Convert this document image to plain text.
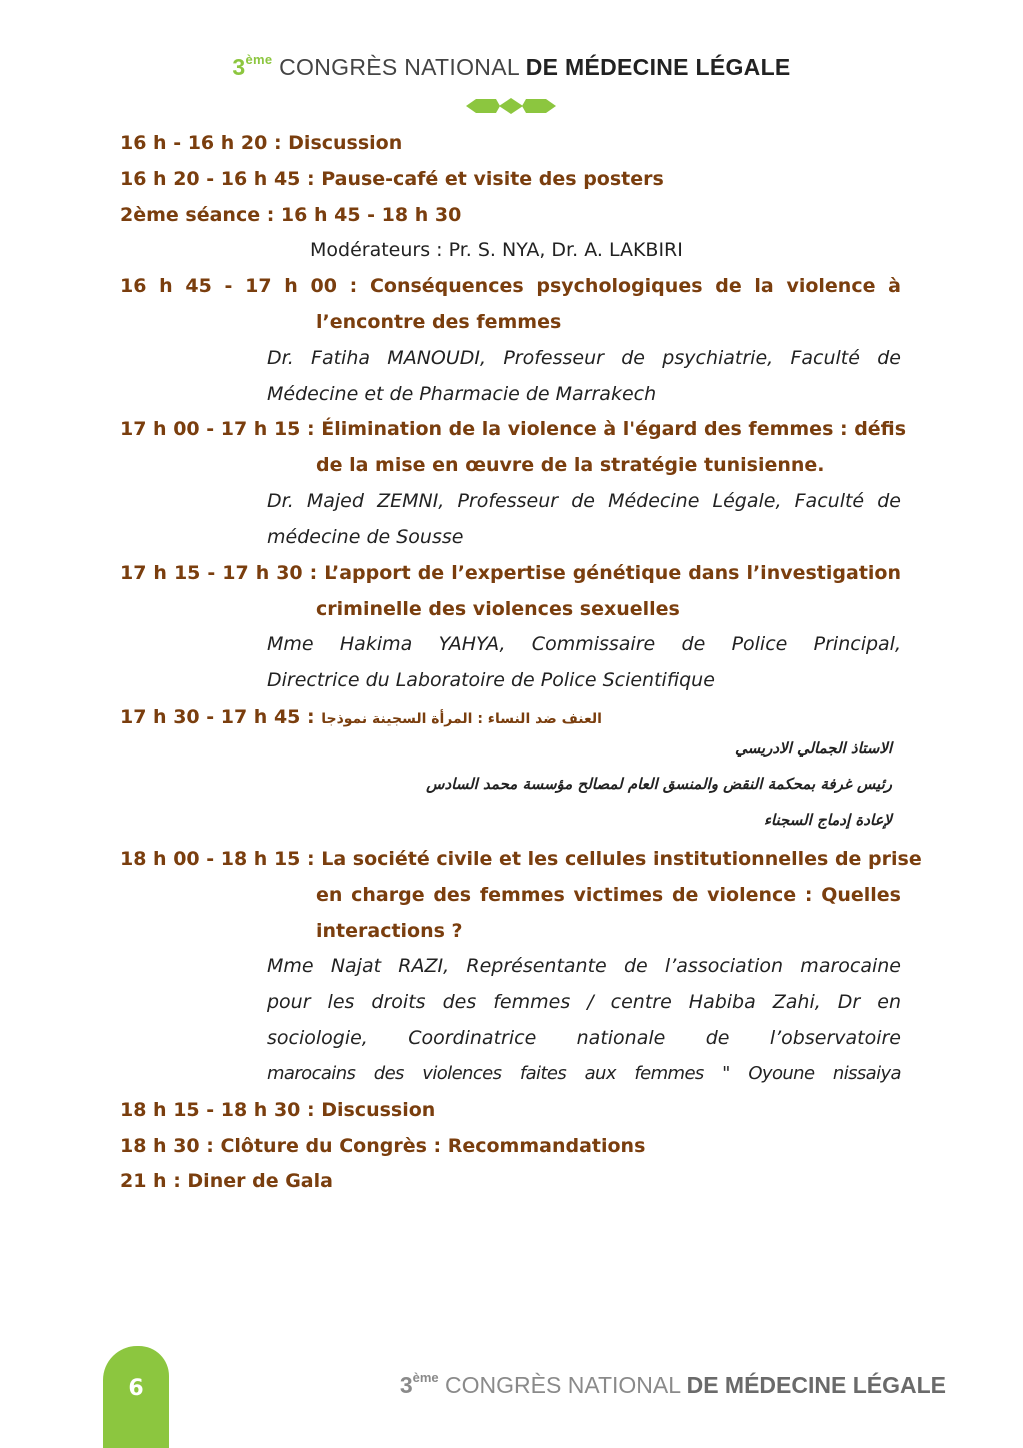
3ème CONGRÈS NATIONAL DE MÉDECINE LÉGALE
16 h - 16 h 20 : Discussion
16 h 20 - 16 h 45 : Pause-café et visite des posters
2ème séance : 16 h 45 - 18 h 30
Modérateurs : Pr. S. NYA, Dr. A. LAKBIRI
16 h 45 - 17 h 00 : Conséquences psychologiques de la violence à
l’encontre des femmes
Dr. Fatiha MANOUDI, Professeur de psychiatrie, Faculté de
Médecine et de Pharmacie de Marrakech
17 h 00 - 17 h 15 : Élimination de la violence à l'égard des femmes : défis
de la mise en œuvre de la stratégie tunisienne.
Dr. Majed ZEMNI, Professeur de Médecine Légale, Faculté de
médecine de Sousse
17 h 15 - 17 h 30 : L’apport de l’expertise génétique dans l’investigation
criminelle des violences sexuelles
Mme Hakima YAHYA, Commissaire de Police Principal,
Directrice du Laboratoire de Police Scientifique
17 h 30 - 17 h 45 : العنف ضد النساء : المرأة السجينة نموذجا
الاستاذ الجمالي الادريسي
رئيس غرفة بمحكمة النقض والمنسق العام لمصالح مؤسسة محمد السادس
لإعادة إدماج السجناء
18 h 00 - 18 h 15 : La société civile et les cellules institutionnelles de prise
en charge des femmes victimes de violence : Quelles
interactions ?
Mme Najat RAZI, Représentante de l’association marocaine
pour les droits des femmes / centre Habiba Zahi, Dr en
sociologie, Coordinatrice nationale de l’observatoire
marocains des violences faites aux femmes " Oyoune nissaiya
18 h 15 - 18 h 30 : Discussion
18 h 30 : Clôture du Congrès : Recommandations
21 h : Diner de Gala
6	3ème CONGRÈS NATIONAL DE MÉDECINE LÉGALE
